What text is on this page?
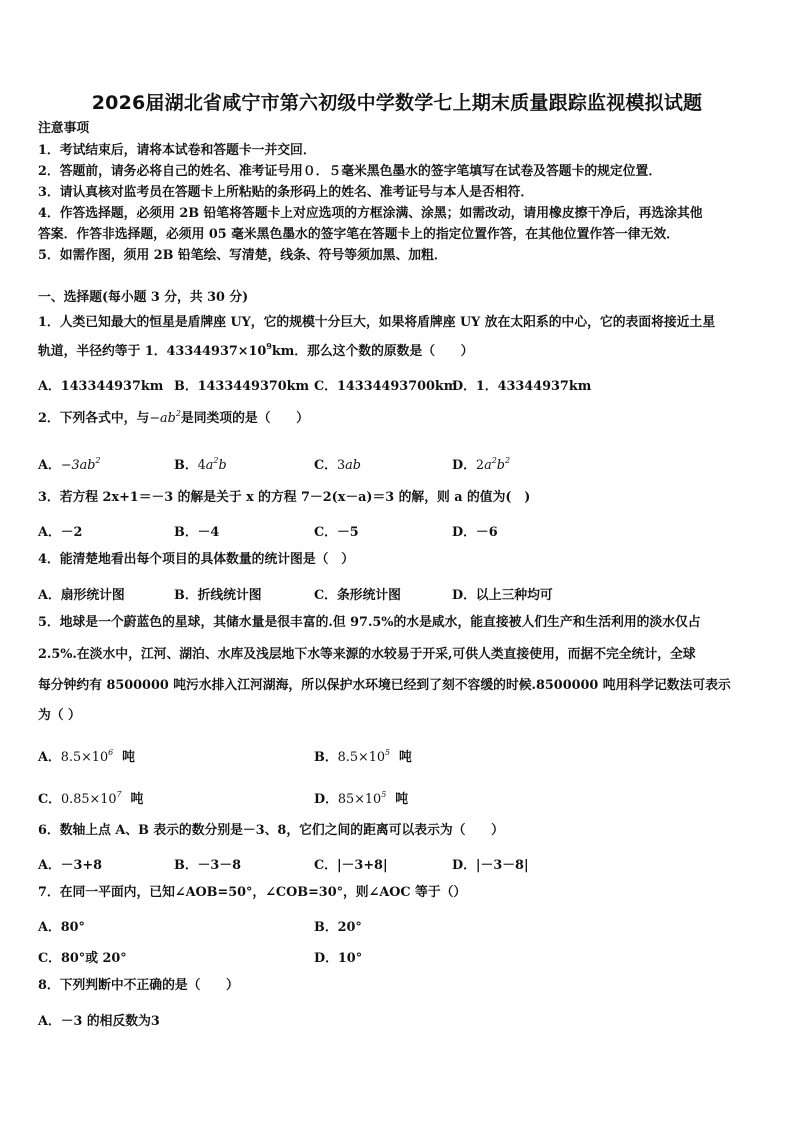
2026届湖北省咸宁市第六初级中学数学七上期末质量跟踪监视模拟试题
注意事项
1．考试结束后，请将本试卷和答题卡一并交回．
2．答题前，请务必将自己的姓名、准考证号用０．５毫米黑色墨水的签字笔填写在试卷及答题卡的规定位置．
3．请认真核对监考员在答题卡上所粘贴的条形码上的姓名、准考证号与本人是否相符．
4．作答选择题，必须用 2B 铅笔将答题卡上对应选项的方框涂满、涂黑；如需改动，请用橡皮擦干净后，再选涂其他
答案．作答非选择题，必须用 05 毫米黑色墨水的签字笔在答题卡上的指定位置作答，在其他位置作答一律无效．
5．如需作图，须用 2B 铅笔绘、写清楚，线条、符号等须加黑、加粗．
一、选择题(每小题 3 分，共 30 分)
1．人类已知最大的恒星是盾牌座 UY，它的规模十分巨大，如果将盾牌座 UY 放在太阳系的中心，它的表面将接近土星
轨道，半径约等于 1．$43344937\times 10^9km$．那么这个数的原数是（　　）
A．143344937km B．1433449370km C．14334493700km
D．1．43344937km
2．下列各式中，与$-ab^2$是同类项的是（　　）
A．$-3ab^2$	B．$4a^2b$	C．3ab	D．$2a^2b^2$
3．若方程 2x+1＝－3 的解是关于 x 的方程 7－2(x－a)＝3 的解，则 a 的值为(　)
A．－2	B．－4	C．－5	D．－6
4．能清楚地看出每个项目的具体数量的统计图是（　）
A．扇形统计图	B．折线统计图	C．条形统计图	D．以上三种均可
5．地球是一个蔚蓝色的星球，其储水量是很丰富的.但 97.5%的水是咸水，能直接被人们生产和生活利用的淡水仅占
2.5%.在淡水中，江河、湖泊、水库及浅层地下水等来源的水较易于开采,可供人类直接使用，而据不完全统计，全球
每分钟约有 8500000 吨污水排入江河湖海，所以保护水环境已经到了刻不容缓的时候.8500000 吨用科学记数法可表示
为（ ）
A．$8.5\times 10^6$ 吨	B．$8.5\times 10^5$ 吨
C．$0.85\times 10^7$ 吨	D．$85\times 10^5$ 吨
6．数轴上点 A、B 表示的数分别是－3、8，它们之间的距离可以表示为（　　）
A．－3+8	B．－3－8	C．|－3+8|	D．|－3－8|
7．在同一平面内，已知∠AOB=50°，∠COB=30°，则∠AOC 等于（）
A．80°	B．20°
C．80°或 20°	D．10°
8．下列判断中不正确的是（　　）
A．－3 的相反数为3
